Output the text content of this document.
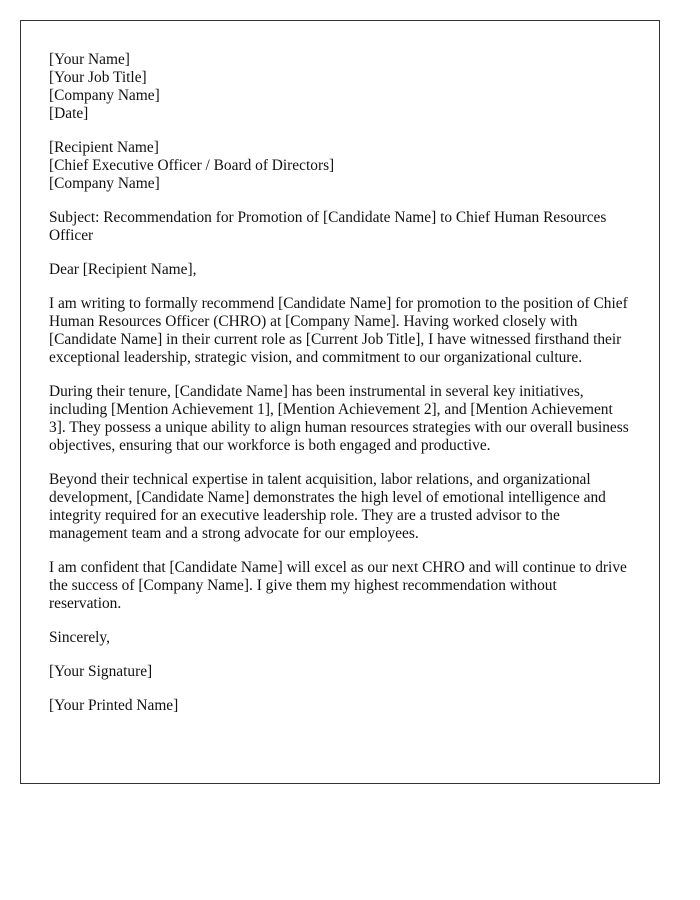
[Your Name]
[Your Job Title]
[Company Name]
[Date]
[Recipient Name]
[Chief Executive Officer / Board of Directors]
[Company Name]

Subject: Recommendation for Promotion of [Candidate Name] to Chief Human Resources Officer

Dear [Recipient Name],

I am writing to formally recommend [Candidate Name] for promotion to the position of Chief Human Resources Officer (CHRO) at [Company Name]. Having worked closely with [Candidate Name] in their current role as [Current Job Title], I have witnessed firsthand their exceptional leadership, strategic vision, and commitment to our organizational culture.

During their tenure, [Candidate Name] has been instrumental in several key initiatives, including [Mention Achievement 1], [Mention Achievement 2], and [Mention Achievement 3]. They possess a unique ability to align human resources strategies with our overall business objectives, ensuring that our workforce is both engaged and productive.

Beyond their technical expertise in talent acquisition, labor relations, and organizational development, [Candidate Name] demonstrates the high level of emotional intelligence and integrity required for an executive leadership role. They are a trusted advisor to the management team and a strong advocate for our employees.

I am confident that [Candidate Name] will excel as our next CHRO and will continue to drive the success of [Company Name]. I give them my highest recommendation without reservation.

Sincerely,

[Your Signature]

[Your Printed Name]
